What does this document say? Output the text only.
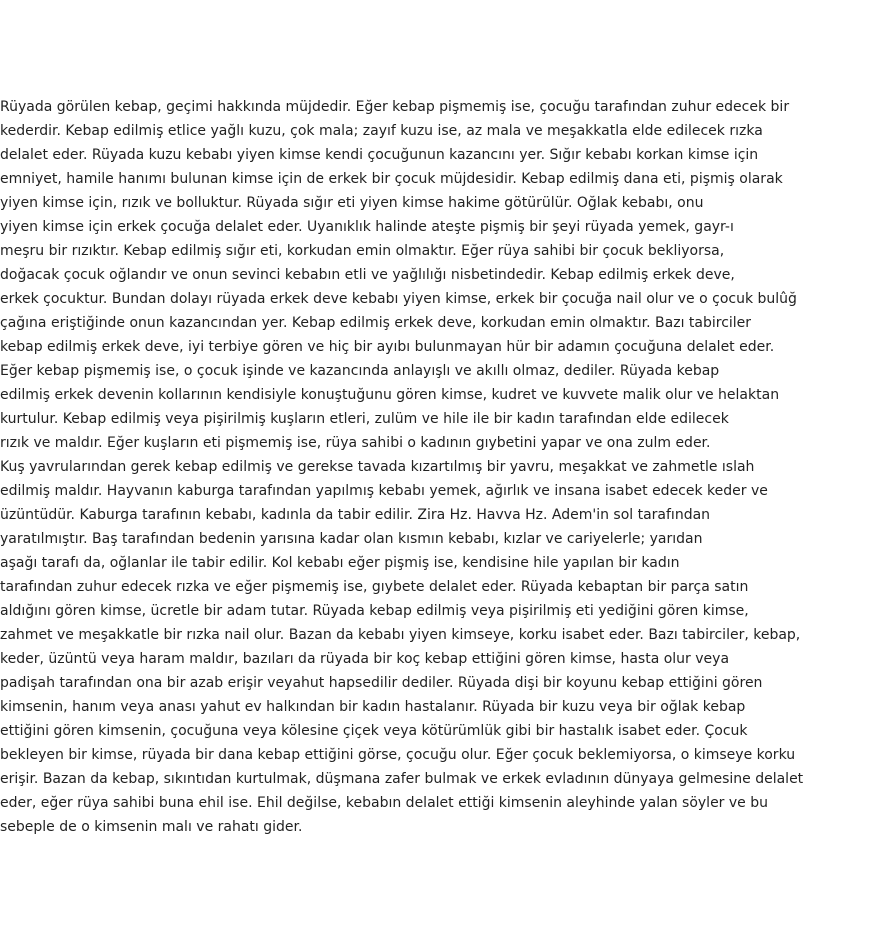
Rüyada görülen kebap, geçimi hakkında müjdedir. Eğer kebap pişmemiş ise, çocuğu tarafından zuhur edecek bir
kederdir. Kebap edilmiş etlice yağlı kuzu, çok mala; zayıf kuzu ise, az mala ve meşakkatla elde edilecek rızka
delalet eder. Rüyada kuzu kebabı yiyen kimse kendi çocuğunun kazancını yer. Sığır kebabı korkan kimse için
emniyet, hamile hanımı bulunan kimse için de erkek bir çocuk müjdesidir. Kebap edilmiş dana eti, pişmiş olarak
yiyen kimse için, rızık ve bolluktur. Rüyada sığır eti yiyen kimse hakime götürülür. Oğlak kebabı, onu
yiyen kimse için erkek çocuğa delalet eder. Uyanıklık halinde ateşte pişmiş bir şeyi rüyada yemek, gayr-ı
meşru bir rızıktır. Kebap edilmiş sığır eti, korkudan emin olmaktır. Eğer rüya sahibi bir çocuk bekliyorsa,
doğacak çocuk oğlandır ve onun sevinci kebabın etli ve yağlılığı nisbetindedir. Kebap edilmiş erkek deve,
erkek çocuktur. Bundan dolayı rüyada erkek deve kebabı yiyen kimse, erkek bir çocuğa nail olur ve o çocuk bulûğ
çağına eriştiğinde onun kazancından yer. Kebap edilmiş erkek deve, korkudan emin olmaktır. Bazı tabirciler
kebap edilmiş erkek deve, iyi terbiye gören ve hiç bir ayıbı bulunmayan hür bir adamın çocuğuna delalet eder.
Eğer kebap pişmemiş ise, o çocuk işinde ve kazancında anlayışlı ve akıllı olmaz, dediler. Rüyada kebap
edilmiş erkek devenin kollarının kendisiyle konuştuğunu gören kimse, kudret ve kuvvete malik olur ve helaktan
kurtulur. Kebap edilmiş veya pişirilmiş kuşların etleri, zulüm ve hile ile bir kadın tarafından elde edilecek
rızık ve maldır. Eğer kuşların eti pişmemiş ise, rüya sahibi o kadının gıybetini yapar ve ona zulm eder.
Kuş yavrularından gerek kebap edilmiş ve gerekse tavada kızartılmış bir yavru, meşakkat ve zahmetle ıslah
edilmiş maldır. Hayvanın kaburga tarafından yapılmış kebabı yemek, ağırlık ve insana isabet edecek keder ve
üzüntüdür. Kaburga tarafının kebabı, kadınla da tabir edilir. Zira Hz. Havva Hz. Adem'in sol tarafından
yaratılmıştır. Baş tarafından bedenin yarısına kadar olan kısmın kebabı, kızlar ve cariyelerle; yarıdan
aşağı tarafı da, oğlanlar ile tabir edilir. Kol kebabı eğer pişmiş ise, kendisine hile yapılan bir kadın
tarafından zuhur edecek rızka ve eğer pişmemiş ise, gıybete delalet eder. Rüyada kebaptan bir parça satın
aldığını gören kimse, ücretle bir adam tutar. Rüyada kebap edilmiş veya pişirilmiş eti yediğini gören kimse,
zahmet ve meşakkatle bir rızka nail olur. Bazan da kebabı yiyen kimseye, korku isabet eder. Bazı tabirciler, kebap,
keder, üzüntü veya haram maldır, bazıları da rüyada bir koç kebap ettiğini gören kimse, hasta olur veya
padişah tarafından ona bir azab erişir veyahut hapsedilir dediler. Rüyada dişi bir koyunu kebap ettiğini gören
kimsenin, hanım veya anası yahut ev halkından bir kadın hastalanır. Rüyada bir kuzu veya bir oğlak kebap
ettiğini gören kimsenin, çocuğuna veya kölesine çiçek veya kötürümlük gibi bir hastalık isabet eder. Çocuk
bekleyen bir kimse, rüyada bir dana kebap ettiğini görse, çocuğu olur. Eğer çocuk beklemiyorsa, o kimseye korku
erişir. Bazan da kebap, sıkıntıdan kurtulmak, düşmana zafer bulmak ve erkek evladının dünyaya gelmesine delalet
eder, eğer rüya sahibi buna ehil ise. Ehil değilse, kebabın delalet ettiği kimsenin aleyhinde yalan söyler ve bu
sebeple de o kimsenin malı ve rahatı gider.
